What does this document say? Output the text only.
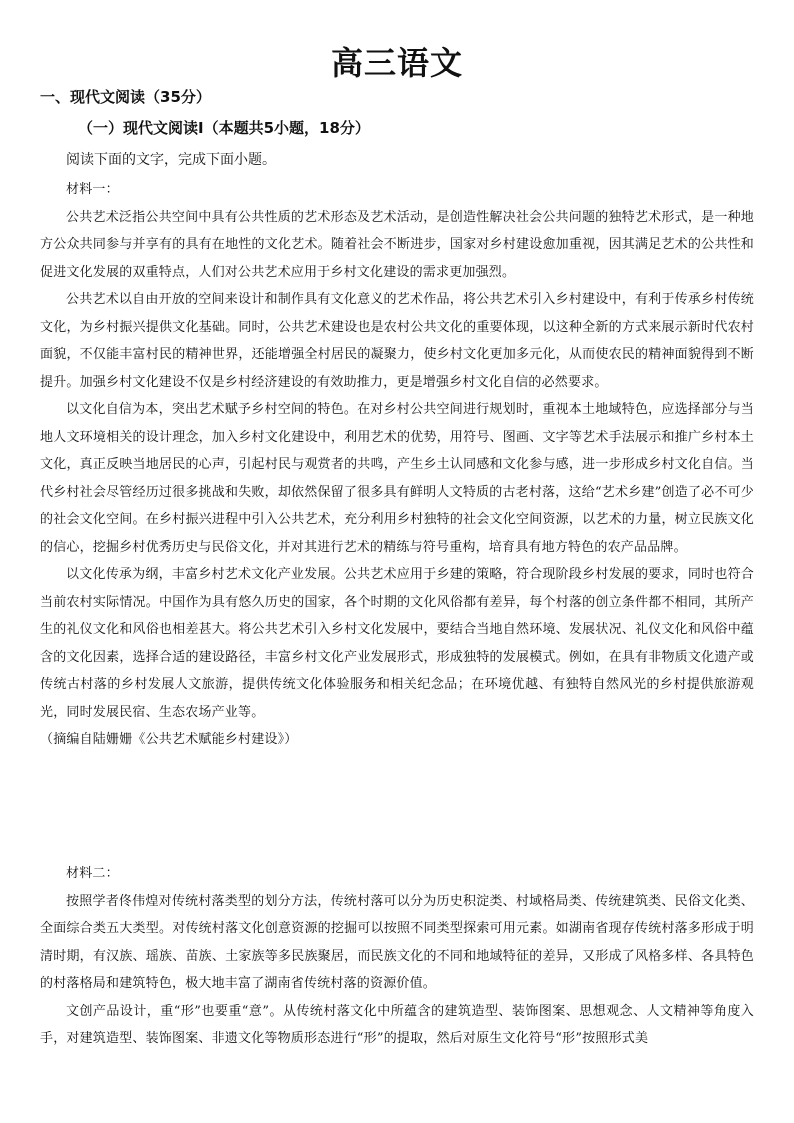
高三语文
一、现代文阅读（35分）
（一）现代文阅读Ⅰ（本题共5小题，18分）
阅读下面的文字，完成下面小题。

材料一：

公共艺术泛指公共空间中具有公共性质的艺术形态及艺术活动，是创造性解决社会公共问题的独特艺术形式，是一种地方公众共同参与并享有的具有在地性的文化艺术。随着社会不断进步，国家对乡村建设愈加重视，因其满足艺术的公共性和促进文化发展的双重特点，人们对公共艺术应用于乡村文化建设的需求更加强烈。

公共艺术以自由开放的空间来设计和制作具有文化意义的艺术作品，将公共艺术引入乡村建设中，有利于传承乡村传统文化，为乡村振兴提供文化基础。同时，公共艺术建设也是农村公共文化的重要体现，以这种全新的方式来展示新时代农村面貌，不仅能丰富村民的精神世界，还能增强全村居民的凝聚力，使乡村文化更加多元化，从而使农民的精神面貌得到不断提升。加强乡村文化建设不仅是乡村经济建设的有效助推力，更是增强乡村文化自信的必然要求。

以文化自信为本，突出艺术赋予乡村空间的特色。在对乡村公共空间进行规划时，重视本土地域特色，应选择部分与当地人文环境相关的设计理念，加入乡村文化建设中，利用艺术的优势，用符号、图画、文字等艺术手法展示和推广乡村本土文化，真正反映当地居民的心声，引起村民与观赏者的共鸣，产生乡土认同感和文化参与感，进一步形成乡村文化自信。当代乡村社会尽管经历过很多挑战和失败，却依然保留了很多具有鲜明人文特质的古老村落，这给“艺术乡建”创造了必不可少的社会文化空间。在乡村振兴进程中引入公共艺术，充分利用乡村独特的社会文化空间资源，以艺术的力量，树立民族文化的信心，挖掘乡村优秀历史与民俗文化，并对其进行艺术的精练与符号重构，培育具有地方特色的农产品品牌。

以文化传承为纲，丰富乡村艺术文化产业发展。公共艺术应用于乡建的策略，符合现阶段乡村发展的要求，同时也符合当前农村实际情况。中国作为具有悠久历史的国家，各个时期的文化风俗都有差异，每个村落的创立条件都不相同，其所产生的礼仪文化和风俗也相差甚大。将公共艺术引入乡村文化发展中，要结合当地自然环境、发展状况、礼仪文化和风俗中蕴含的文化因素，选择合适的建设路径，丰富乡村文化产业发展形式，形成独特的发展模式。例如，在具有非物质文化遗产或传统古村落的乡村发展人文旅游，提供传统文化体验服务和相关纪念品；在环境优越、有独特自然风光的乡村提供旅游观光，同时发展民宿、生态农场产业等。

（摘编自陆姗姗《公共艺术赋能乡村建设》）

材料二：

按照学者佟伟煌对传统村落类型的划分方法，传统村落可以分为历史积淀类、村域格局类、传统建筑类、民俗文化类、全面综合类五大类型。对传统村落文化创意资源的挖掘可以按照不同类型探索可用元素。如湖南省现存传统村落多形成于明清时期，有汉族、瑶族、苗族、土家族等多民族聚居，而民族文化的不同和地域特征的差异，又形成了风格多样、各具特色的村落格局和建筑特色，极大地丰富了湖南省传统村落的资源价值。

文创产品设计，重“形”也要重“意”。从传统村落文化中所蕴含的建筑造型、装饰图案、思想观念、人文精神等角度入手，对建筑造型、装饰图案、非遗文化等物质形态进行“形”的提取，然后对原生文化符号“形”按照形式美
